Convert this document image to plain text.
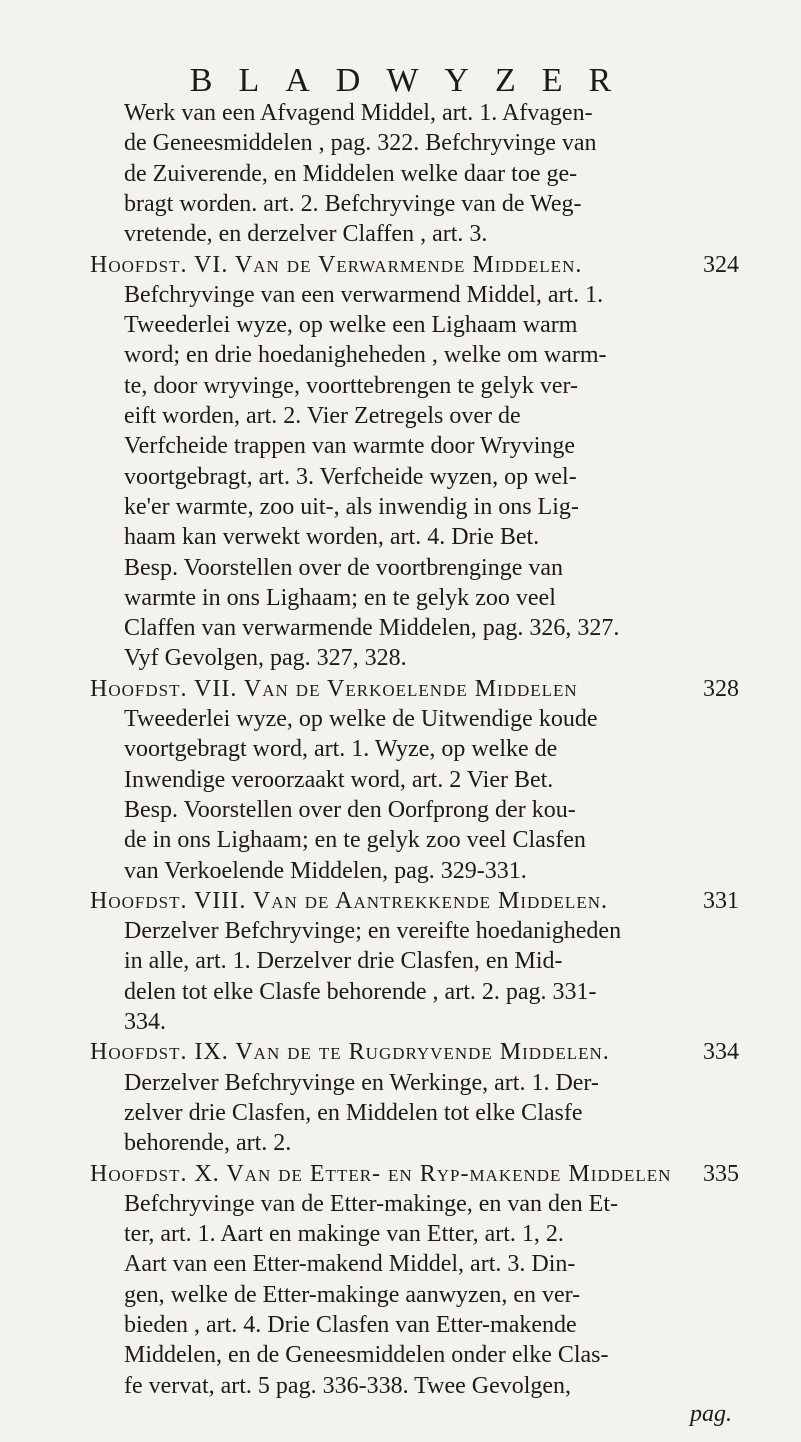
BLADWYZER
Werk van een Afvagend Middel, art. 1. Afvagen-
de Geneesmiddelen , pag. 322. Befchryvinge van
de Zuiverende, en Middelen welke daar toe ge-
bragt worden. art. 2. Befchryvinge van de Weg-
vretende, en derzelver Claffen , art. 3.
Hoofdst. VI. Van de Verwarmende Middelen.	324
Befchryvinge van een verwarmend Middel, art. 1.
Tweederlei wyze, op welke een Lighaam warm
word; en drie hoedanigheheden , welke om warm-
te, door wryvinge, voorttebrengen te gelyk ver-
eift worden, art. 2. Vier Zetregels over de
Verfcheide trappen van warmte door Wryvinge
voortgebragt, art. 3. Verfcheide wyzen, op wel-
ke'er warmte, zoo uit-, als inwendig in ons Lig-
haam kan verwekt worden, art. 4. Drie Bet.
Besp. Voorstellen over de voortbrenginge van
warmte in ons Lighaam; en te gelyk zoo veel
Claffen van verwarmende Middelen, pag. 326, 327.
Vyf Gevolgen, pag. 327, 328.
Hoofdst. VII. Van de Verkoelende Middelen	328
Tweederlei wyze, op welke de Uitwendige koude
voortgebragt word, art. 1. Wyze, op welke de
Inwendige veroorzaakt word, art. 2 Vier Bet.
Besp. Voorstellen over den Oorfprong der kou-
de in ons Lighaam; en te gelyk zoo veel Clasfen
van Verkoelende Middelen, pag. 329-331.
Hoofdst. VIII. Van de Aantrekkende Middelen.	331
Derzelver Befchryvinge; en vereifte hoedanigheden
in alle, art. 1. Derzelver drie Clasfen, en Mid-
delen tot elke Clasfe behorende , art. 2. pag. 331-
334.
Hoofdst. IX. Van de te Rugdryvende Middelen.	334
Derzelver Befchryvinge en Werkinge, art. 1. Der-
zelver drie Clasfen, en Middelen tot elke Clasfe
behorende, art. 2.
Hoofdst. X. Van de Etter- en Ryp-makende Middelen 335
Befchryvinge van de Etter-makinge, en van den Et-
ter, art. 1. Aart en makinge van Etter, art. 1, 2.
Aart van een Etter-makend Middel, art. 3. Din-
gen, welke de Etter-makinge aanwyzen, en ver-
bieden , art. 4. Drie Clasfen van Etter-makende
Middelen, en de Geneesmiddelen onder elke Clas-
fe vervat, art. 5 pag. 336-338. Twee Gevolgen,
pag.
